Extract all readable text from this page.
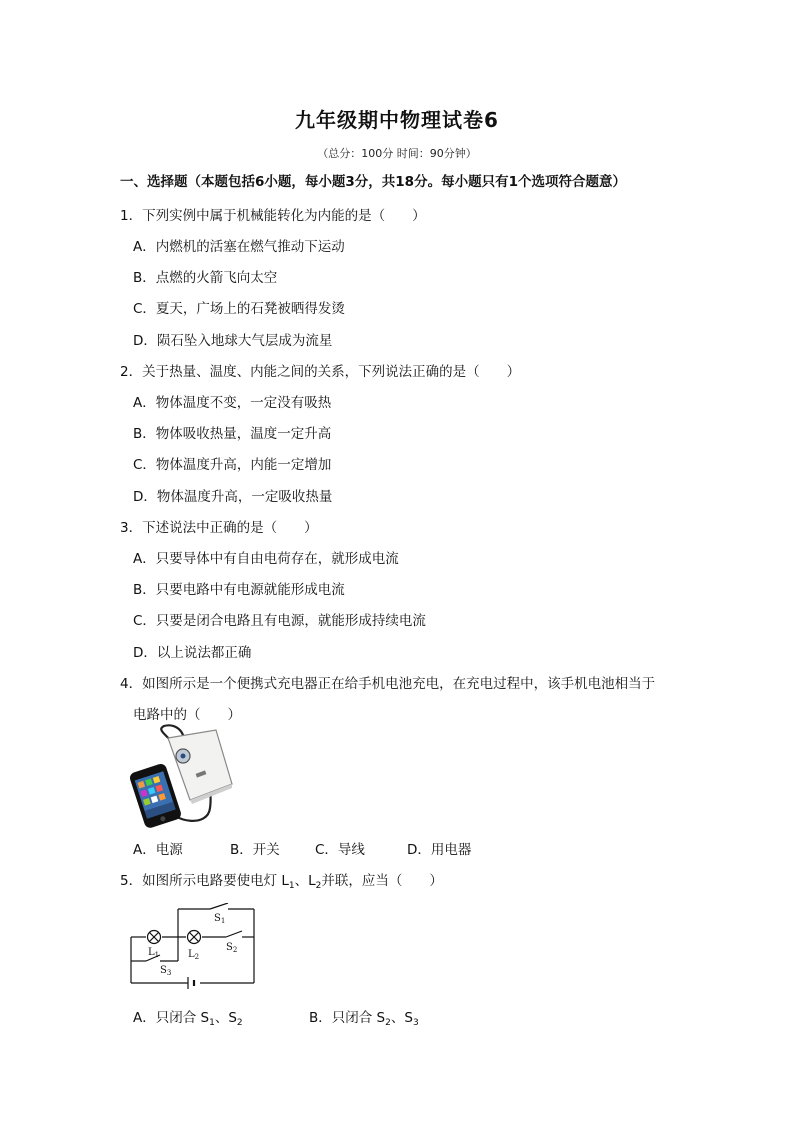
九年级期中物理试卷6
（总分：100分 时间：90分钟）
一、选择题（本题包括6小题，每小题3分，共18分。每小题只有1个选项符合题意）
1．下列实例中属于机械能转化为内能的是（　　）
A．内燃机的活塞在燃气推动下运动
B．点燃的火箭飞向太空
C．夏天，广场上的石凳被晒得发烫
D．陨石坠入地球大气层成为流星
2．关于热量、温度、内能之间的关系，下列说法正确的是（　　）
A．物体温度不变，一定没有吸热
B．物体吸收热量，温度一定升高
C．物体温度升高，内能一定增加
D．物体温度升高，一定吸收热量
3．下述说法中正确的是（　　）
A．只要导体中有自由电荷存在，就形成电流
B．只要电路中有电源就能形成电流
C．只要是闭合电路且有电源，就能形成持续电流
D．以上说法都正确
4．如图所示是一个便携式充电器正在给手机电池充电，在充电过程中，该手机电池相当于
电路中的（　　）
A．电源	B．开关	C．导线	D．用电器
5．如图所示电路要使电灯 $L_1$、$L_2$并联，应当（　　）
$S_1$
$S_2$
$S_3$
$L_1$	$L_2$
A．只闭合 $S_1$、$S_2$	B．只闭合 $S_2$、$S_3$
